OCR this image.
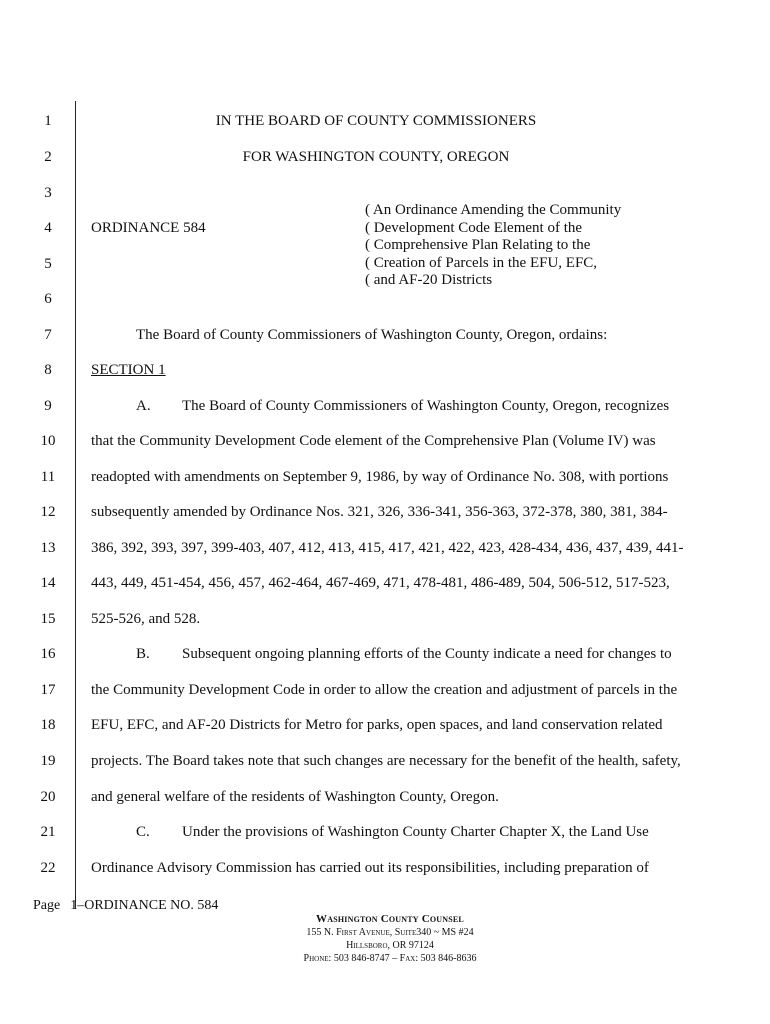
1
2
3
4
5
6
7
8
9
10
11
12
13
14
15
16
17
18
19
20
21
22
IN THE BOARD OF COUNTY COMMISSIONERS
FOR WASHINGTON COUNTY, OREGON
ORDINANCE 584
( An Ordinance Amending the Community
( Development Code Element of the
( Comprehensive Plan Relating to the
( Creation of Parcels in the EFU, EFC,
( and AF-20 Districts
The Board of County Commissioners of Washington County, Oregon, ordains:
SECTION 1
A. The Board of County Commissioners of Washington County, Oregon, recognizes
that the Community Development Code element of the Comprehensive Plan (Volume IV) was
readopted with amendments on September 9, 1986, by way of Ordinance No. 308, with portions
subsequently amended by Ordinance Nos. 321, 326, 336-341, 356-363, 372-378, 380, 381, 384-
386, 392, 393, 397, 399-403, 407, 412, 413, 415, 417, 421, 422, 423, 428-434, 436, 437, 439, 441-
443, 449, 451-454, 456, 457, 462-464, 467-469, 471, 478-481, 486-489, 504, 506-512, 517-523,
525-526, and 528.
B. Subsequent ongoing planning efforts of the County indicate a need for changes to
the Community Development Code in order to allow the creation and adjustment of parcels in the
EFU, EFC, and AF-20 Districts for Metro for parks, open spaces, and land conservation related
projects. The Board takes note that such changes are necessary for the benefit of the health, safety,
and general welfare of the residents of Washington County, Oregon.
C. Under the provisions of Washington County Charter Chapter X, the Land Use
Ordinance Advisory Commission has carried out its responsibilities, including preparation of
Page 1–ORDINANCE NO. 584
Washington County Counsel
155 N. First Avenue, Suite340 ~ MS #24
Hillsboro, OR 97124
Phone: 503 846-8747 – Fax: 503 846-8636
